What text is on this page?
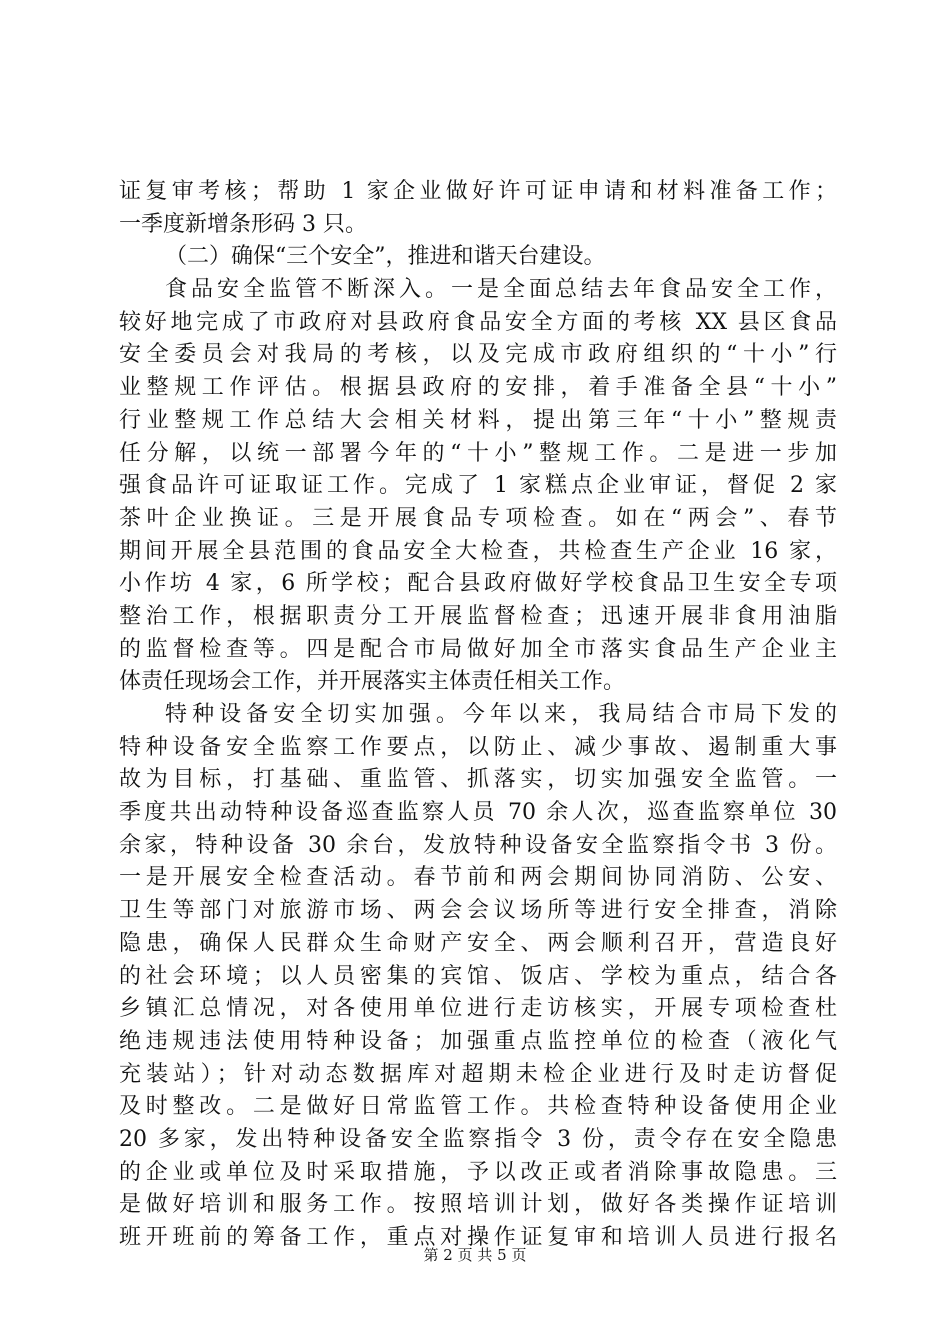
证复审考核；帮助 1 家企业做好许可证申请和材料准备工作；
一季度新增条形码 3 只。
（二）确保“三个安全”，推进和谐天台建设。
食品安全监管不断深入。一是全面总结去年食品安全工作，
较好地完成了市政府对县政府食品安全方面的考核 XX 县区食品
安全委员会对我局的考核，以及完成市政府组织的“十小”行
业整规工作评估。根据县政府的安排，着手准备全县“十小”
行业整规工作总结大会相关材料，提出第三年“十小”整规责
任分解，以统一部署今年的“十小”整规工作。二是进一步加
强食品许可证取证工作。完成了 1 家糕点企业审证，督促 2 家
茶叶企业换证。三是开展食品专项检查。如在“两会”、春节
期间开展全县范围的食品安全大检查，共检查生产企业 16 家，
小作坊 4 家，6 所学校；配合县政府做好学校食品卫生安全专项
整治工作，根据职责分工开展监督检查；迅速开展非食用油脂
的监督检查等。四是配合市局做好加全市落实食品生产企业主
体责任现场会工作，并开展落实主体责任相关工作。
特种设备安全切实加强。今年以来，我局结合市局下发的
特种设备安全监察工作要点，以防止、减少事故、遏制重大事
故为目标，打基础、重监管、抓落实，切实加强安全监管。一
季度共出动特种设备巡查监察人员 70 余人次，巡查监察单位 30
余家，特种设备 30 余台，发放特种设备安全监察指令书 3 份。
一是开展安全检查活动。春节前和两会期间协同消防、公安、
卫生等部门对旅游市场、两会会议场所等进行安全排查，消除
隐患，确保人民群众生命财产安全、两会顺利召开，营造良好
的社会环境；以人员密集的宾馆、饭店、学校为重点，结合各
乡镇汇总情况，对各使用单位进行走访核实，开展专项检查杜
绝违规违法使用特种设备；加强重点监控单位的检查（液化气
充装站）；针对动态数据库对超期未检企业进行及时走访督促
及时整改。二是做好日常监管工作。共检查特种设备使用企业
20 多家，发出特种设备安全监察指令 3 份，责令存在安全隐患
的企业或单位及时采取措施，予以改正或者消除事故隐患。三
是做好培训和服务工作。按照培训计划，做好各类操作证培训
班开班前的筹备工作，重点对操作证复审和培训人员进行报名
第 2 页 共 5 页
